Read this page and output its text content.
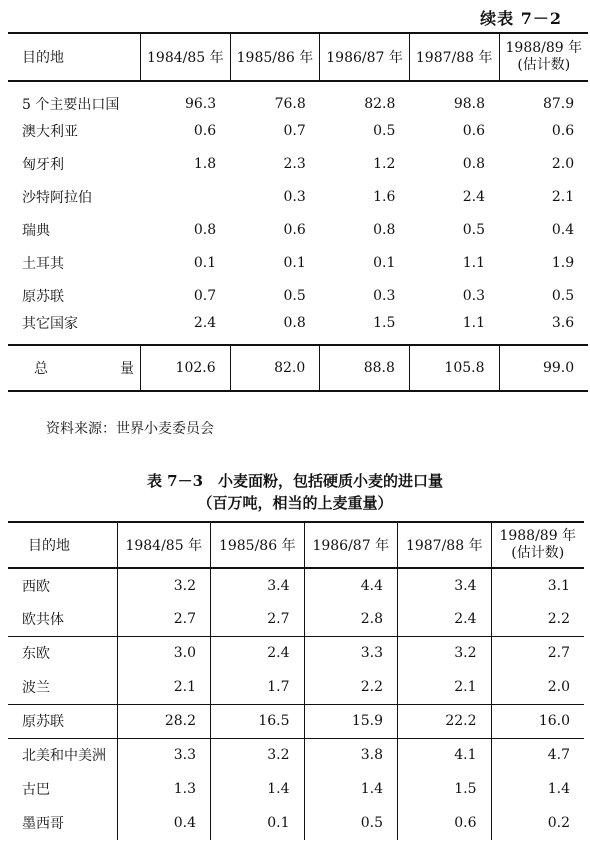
续表 7－2
目的地	1984/85 年	1985/86 年	1986/87 年	1987/88 年	1988/89 年
(估计数)
5 个主要出口国	96.3	76.8	82.8	98.8	87.9
澳大利亚	0.6	0.7	0.5	0.6	0.6
匈牙利	1.8	2.3	1.2	0.8	2.0
沙特阿拉伯		0.3	1.6	2.4	2.1
瑞典	0.8	0.6	0.8	0.5	0.4
土耳其	0.1	0.1	0.1	1.1	1.9
原苏联	0.7	0.5	0.3	0.3	0.5
其它国家	2.4	0.8	1.5	1.1	3.6
总 量	102.6	82.0	88.8	105.8	99.0
资料来源：世界小麦委员会
表 7－3　小麦面粉，包括硬质小麦的进口量
（百万吨，相当的上麦重量）
目的地	1984/85 年	1985/86 年	1986/87 年	1987/88 年	1988/89 年
(估计数)
西欧	3.2	3.4	4.4	3.4	3.1
欧共体	2.7	2.7	2.8	2.4	2.2
东欧	3.0	2.4	3.3	3.2	2.7
波兰	2.1	1.7	2.2	2.1	2.0
原苏联	28.2	16.5	15.9	22.2	16.0
北美和中美洲	3.3	3.2	3.8	4.1	4.7
古巴	1.3	1.4	1.4	1.5	1.4
墨西哥	0.4	0.1	0.5	0.6	0.2
